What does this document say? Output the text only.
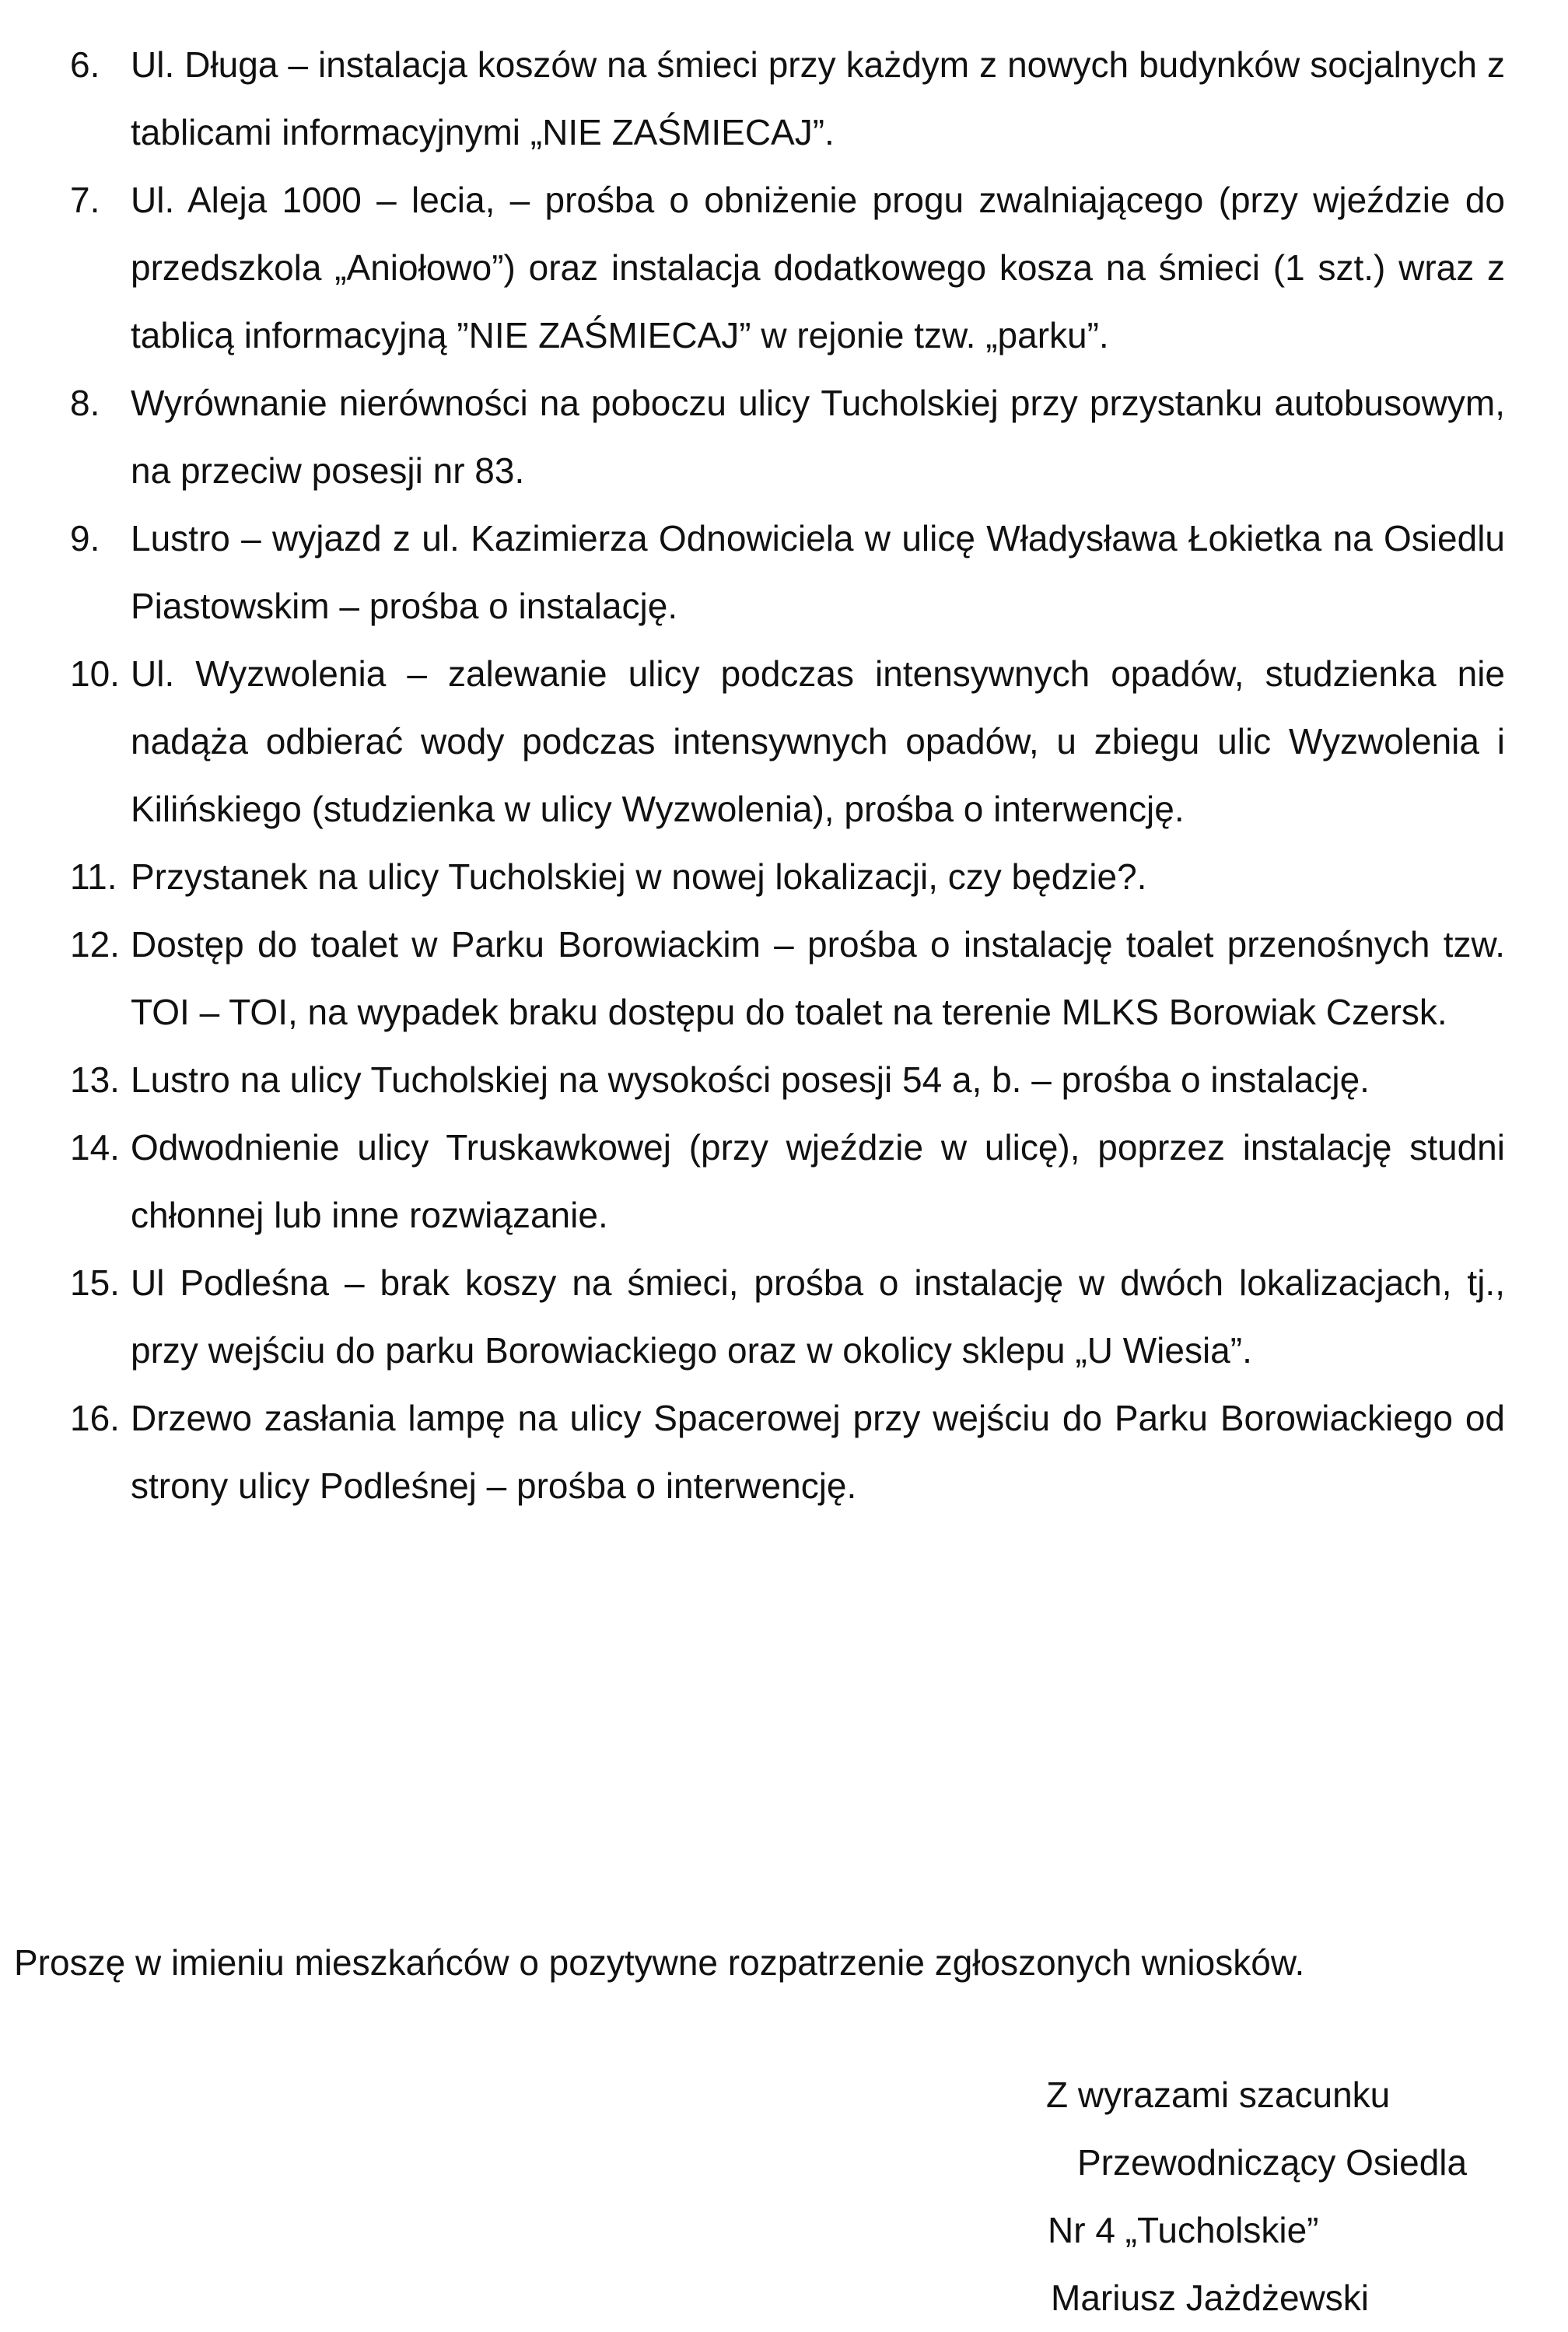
6. Ul. Długa – instalacja koszów na śmieci przy każdym z nowych budynków socjalnych z tablicami informacyjnymi „NIE ZAŚMIECAJ”.
7. Ul. Aleja 1000 – lecia, – prośba o obniżenie progu zwalniającego (przy wjeździe do przedszkola „Aniołowo”) oraz instalacja dodatkowego kosza na śmieci (1 szt.) wraz z tablicą informacyjną ”NIE ZAŚMIECAJ” w rejonie tzw. „parku”.
8. Wyrównanie nierówności na poboczu ulicy Tucholskiej przy przystanku autobusowym, na przeciw posesji nr 83.
9. Lustro – wyjazd z ul. Kazimierza Odnowiciela w ulicę Władysława Łokietka na Osiedlu Piastowskim – prośba o instalację.
10. Ul. Wyzwolenia – zalewanie ulicy podczas intensywnych opadów, studzienka nie nadąża odbierać wody podczas intensywnych opadów, u zbiegu ulic Wyzwolenia i Kilińskiego (studzienka w ulicy Wyzwolenia), prośba o interwencję.
11. Przystanek na ulicy Tucholskiej w nowej lokalizacji, czy będzie?.
12. Dostęp do toalet w Parku Borowiackim – prośba o instalację toalet przenośnych tzw. TOI – TOI, na wypadek braku dostępu do toalet na terenie MLKS Borowiak Czersk.
13. Lustro na ulicy Tucholskiej na wysokości posesji 54 a, b. – prośba o instalację.
14. Odwodnienie ulicy Truskawkowej (przy wjeździe w ulicę), poprzez instalację studni chłonnej lub inne rozwiązanie.
15. Ul Podleśna – brak koszy na śmieci, prośba o instalację w dwóch lokalizacjach, tj., przy wejściu do parku Borowiackiego oraz w okolicy sklepu „U Wiesia”.
16. Drzewo zasłania lampę na ulicy Spacerowej przy wejściu do Parku Borowiackiego od strony ulicy Podleśnej – prośba o interwencję.
Proszę w imieniu mieszkańców o pozytywne rozpatrzenie zgłoszonych wniosków.
Z wyrazami szacunku
Przewodniczący Osiedla
Nr 4 „Tucholskie”
Mariusz Jażdżewski
